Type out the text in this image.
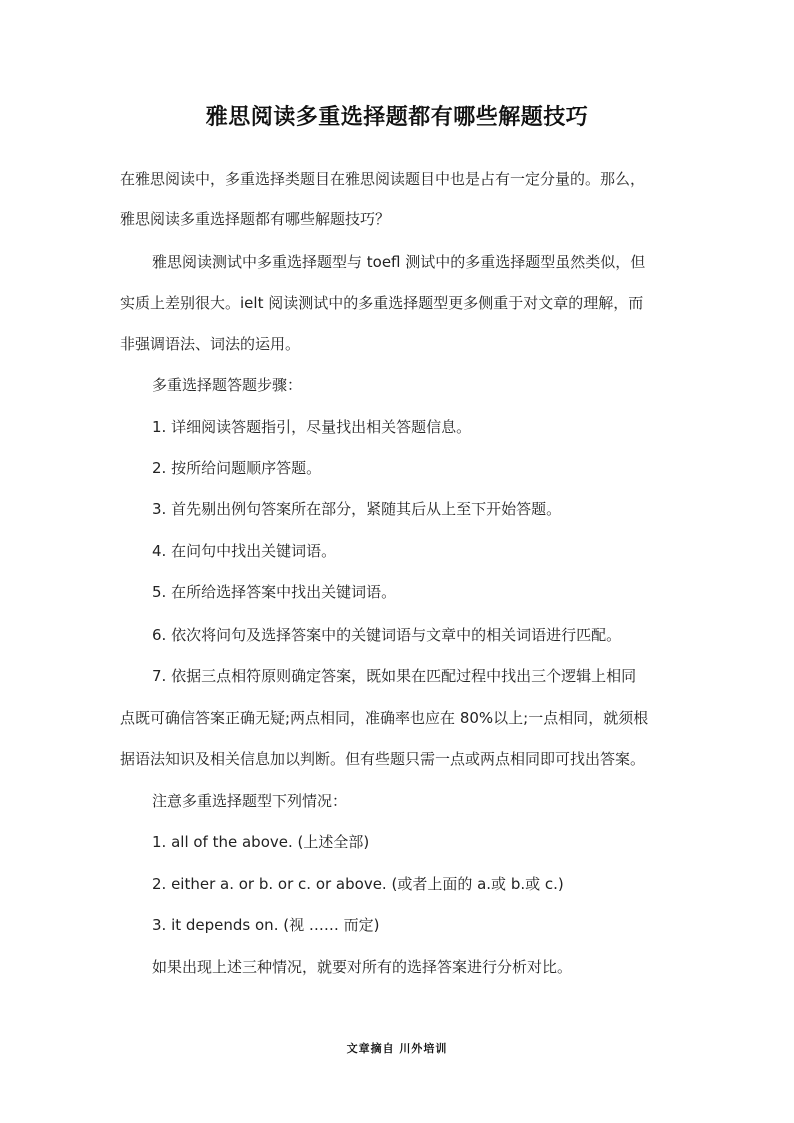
雅思阅读多重选择题都有哪些解题技巧
在雅思阅读中，多重选择类题目在雅思阅读题目中也是占有一定分量的。那么，
雅思阅读多重选择题都有哪些解题技巧？
雅思阅读测试中多重选择题型与 toefl 测试中的多重选择题型虽然类似，但
实质上差别很大。ielt 阅读测试中的多重选择题型更多侧重于对文章的理解，而
非强调语法、词法的运用。
多重选择题答题步骤：
1. 详细阅读答题指引，尽量找出相关答题信息。
2. 按所给问题顺序答题。
3. 首先剔出例句答案所在部分，紧随其后从上至下开始答题。
4. 在问句中找出关键词语。
5. 在所给选择答案中找出关键词语。
6. 依次将问句及选择答案中的关键词语与文章中的相关词语进行匹配。
7. 依据三点相符原则确定答案，既如果在匹配过程中找出三个逻辑上相同
点既可确信答案正确无疑;两点相同，准确率也应在 80%以上;一点相同，就须根
据语法知识及相关信息加以判断。但有些题只需一点或两点相同即可找出答案。
注意多重选择题型下列情况：
1. all of the above. (上述全部)
2. either a. or b. or c. or above. (或者上面的 a.或 b.或 c.)
3. it depends on. (视 …… 而定)
如果出现上述三种情况，就要对所有的选择答案进行分析对比。
文章摘自 川外培训
